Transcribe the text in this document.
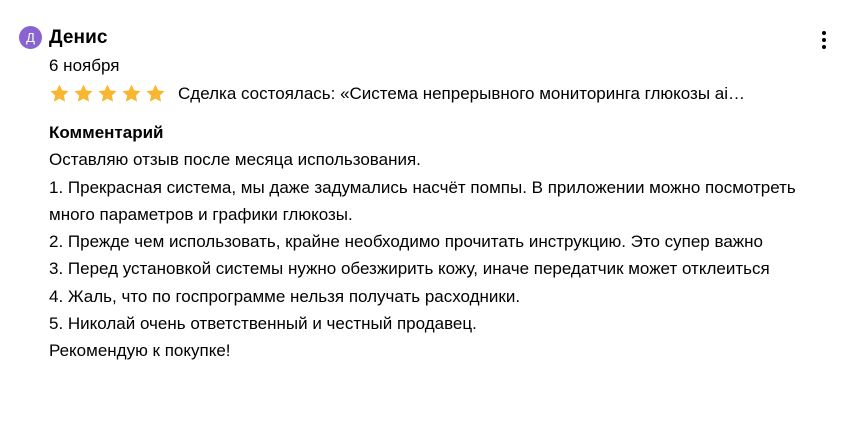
Д Денис
6 ноября
Сделка состоялась: «Система непрерывного мониторинга глюкозы ai…
Комментарий

Оставляю отзыв после месяца использования.

1. Прекрасная система, мы даже задумались насчёт помпы. В приложении можно посмотреть много параметров и графики глюкозы.

2. Прежде чем использовать, крайне необходимо прочитать инструкцию. Это супер важно

3. Перед установкой системы нужно обезжирить кожу, иначе передатчик может отклеиться

4. Жаль, что по госпрограмме нельзя получать расходники.

5. Николай очень ответственный и честный продавец.

Рекомендую к покупке!
